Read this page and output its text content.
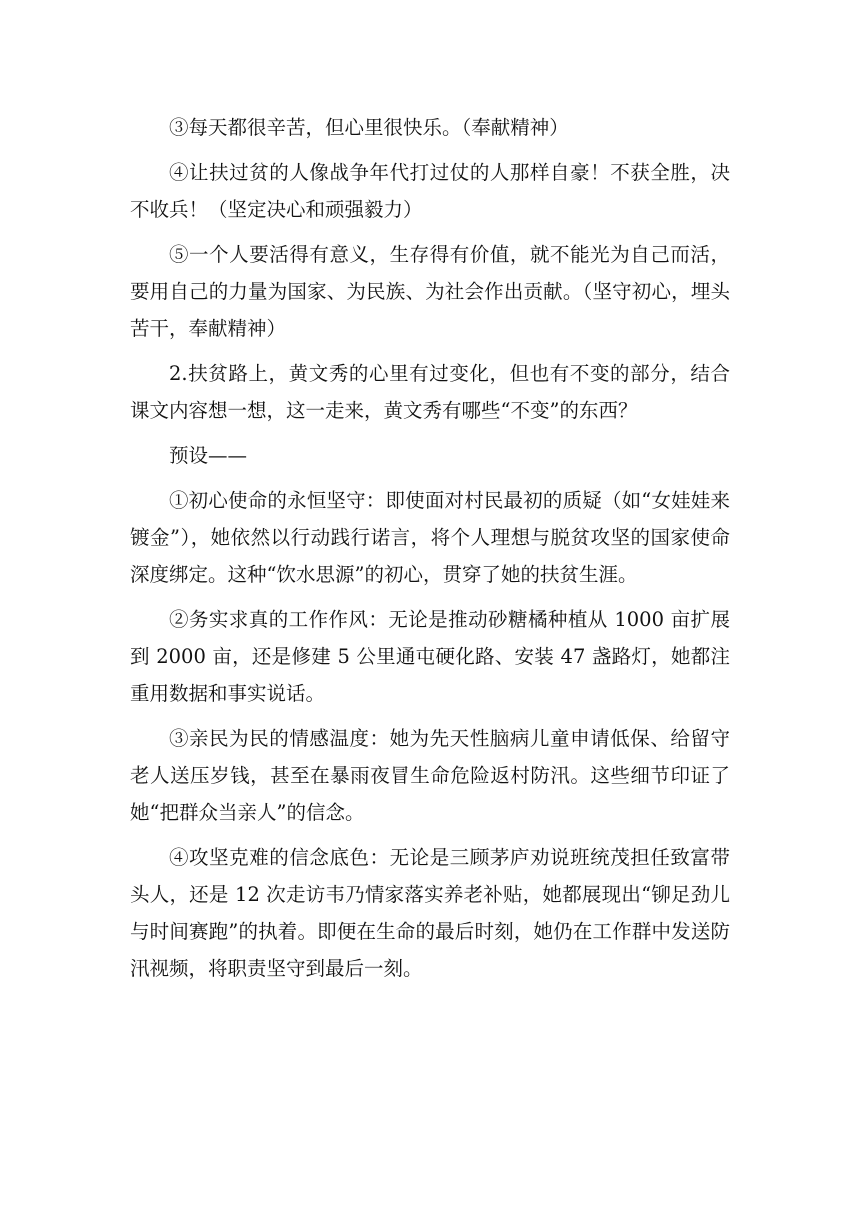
③每天都很辛苦，但心里很快乐。（奉献精神）

④让扶过贫的人像战争年代打过仗的人那样自豪！不获全胜，决不收兵！（坚定决心和顽强毅力）

⑤一个人要活得有意义，生存得有价值，就不能光为自己而活，要用自己的力量为国家、为民族、为社会作出贡献。（坚守初心，埋头苦干，奉献精神）

2.扶贫路上，黄文秀的心里有过变化，但也有不变的部分，结合课文内容想一想，这一走来，黄文秀有哪些“不变”的东西？

预设——

①初心使命的永恒坚守：即使面对村民最初的质疑（如“女娃娃来镀金”），她依然以行动践行诺言，将个人理想与脱贫攻坚的国家使命深度绑定。这种“饮水思源”的初心，贯穿了她的扶贫生涯。

②务实求真的工作作风：无论是推动砂糖橘种植从 1000 亩扩展到 2000 亩，还是修建 5 公里通屯硬化路、安装 47 盏路灯，她都注重用数据和事实说话。

③亲民为民的情感温度：她为先天性脑病儿童申请低保、给留守老人送压岁钱，甚至在暴雨夜冒生命危险返村防汛。这些细节印证了她“把群众当亲人”的信念。

④攻坚克难的信念底色：无论是三顾茅庐劝说班统茂担任致富带头人，还是 12 次走访韦乃情家落实养老补贴，她都展现出“铆足劲儿与时间赛跑”的执着。即便在生命的最后时刻，她仍在工作群中发送防汛视频，将职责坚守到最后一刻。
